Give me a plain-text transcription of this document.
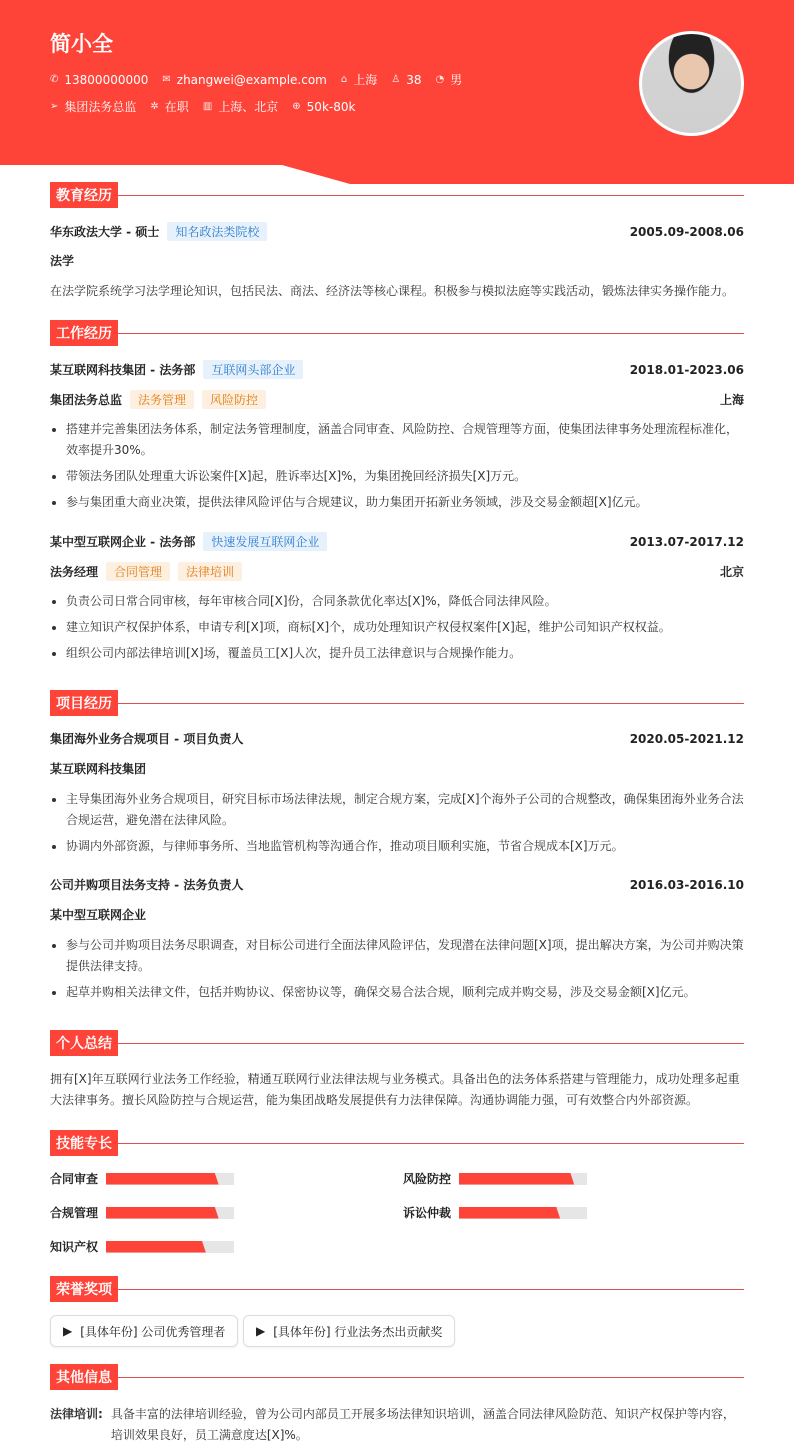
简小全
✆ 13800000000 ✉ zhangwei@example.com ⌂ 上海 ♙ 38 ◔ 男
➢ 集团法务总监 ✲ 在职 ▥ 上海、北京 ⊕ 50k-80k
教育经历
华东政法大学 - 硕士	知名政法类院校	2005.09-2008.06
法学
在法学院系统学习法学理论知识，包括民法、商法、经济法等核心课程。积极参与模拟法庭等实践活动，锻炼法律实务操作能力。
工作经历
某互联网科技集团 - 法务部	互联网头部企业	2018.01-2023.06
集团法务总监	法务管理	风险防控	上海
搭建并完善集团法务体系，制定法务管理制度，涵盖合同审查、风险防控、合规管理等方面，使集团法律事务处理流程标准化，效率提升30%。
带领法务团队处理重大诉讼案件[X]起，胜诉率达[X]%，为集团挽回经济损失[X]万元。
参与集团重大商业决策，提供法律风险评估与合规建议，助力集团开拓新业务领域，涉及交易金额超[X]亿元。
某中型互联网企业 - 法务部	快速发展互联网企业	2013.07-2017.12
法务经理	合同管理	法律培训	北京
负责公司日常合同审核，每年审核合同[X]份，合同条款优化率达[X]%，降低合同法律风险。
建立知识产权保护体系，申请专利[X]项，商标[X]个，成功处理知识产权侵权案件[X]起，维护公司知识产权权益。
组织公司内部法律培训[X]场，覆盖员工[X]人次，提升员工法律意识与合规操作能力。
项目经历
集团海外业务合规项目 - 项目负责人	2020.05-2021.12
某互联网科技集团
主导集团海外业务合规项目，研究目标市场法律法规，制定合规方案，完成[X]个海外子公司的合规整改，确保集团海外业务合法合规运营，避免潜在法律风险。
协调内外部资源，与律师事务所、当地监管机构等沟通合作，推动项目顺利实施，节省合规成本[X]万元。
公司并购项目法务支持 - 法务负责人	2016.03-2016.10
某中型互联网企业
参与公司并购项目法务尽职调查，对目标公司进行全面法律风险评估，发现潜在法律问题[X]项，提出解决方案，为公司并购决策提供法律支持。
起草并购相关法律文件，包括并购协议、保密协议等，确保交易合法合规，顺利完成并购交易，涉及交易金额[X]亿元。
个人总结
拥有[X]年互联网行业法务工作经验，精通互联网行业法律法规与业务模式。具备出色的法务体系搭建与管理能力，成功处理多起重大法律事务。擅长风险防控与合规运营，能为集团战略发展提供有力法律保障。沟通协调能力强，可有效整合内外部资源。
技能专长
合同审查	风险防控
合规管理	诉讼仲裁
知识产权
荣誉奖项
▶ [具体年份] 公司优秀管理者	▶ [具体年份] 行业法务杰出贡献奖
其他信息
法律培训: 具备丰富的法律培训经验，曾为公司内部员工开展多场法律知识培训，涵盖合同法律风险防范、知识产权保护等内容，培训效果良好，员工满意度达[X]%。
